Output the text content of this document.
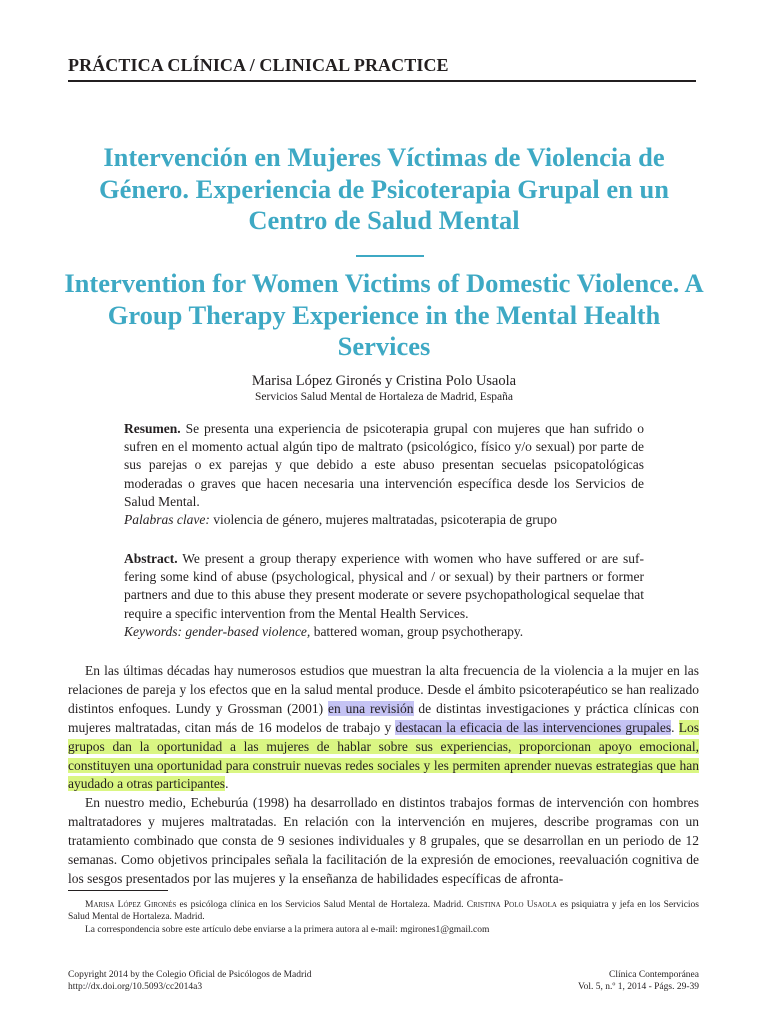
PRÁCTICA CLÍNICA / CLINICAL PRACTICE
Intervención en Mujeres Víctimas de Violencia de Género. Experiencia de Psicoterapia Grupal en un Centro de Salud Mental
Intervention for Women Victims of Domestic Violence. A Group Therapy Experience in the Mental Health Services
Marisa López Gironés y Cristina Polo Usaola
Servicios Salud Mental de Hortaleza de Madrid, España
Resumen. Se presenta una experiencia de psicoterapia grupal con mujeres que han sufrido o sufren en el momento actual algún tipo de maltrato (psicológico, físico y/o sexual) por parte de sus parejas o ex parejas y que debido a este abuso presentan secuelas psicopatológicas moderadas o graves que hacen necesaria una intervención específica desde los Servicios de Salud Mental.
Palabras clave: violencia de género, mujeres maltratadas, psicoterapia de grupo
Abstract. We present a group therapy experience with women who have suffered or are suffering some kind of abuse (psychological, physical and / or sexual) by their partners or former partners and due to this abuse they present moderate or severe psychopathological sequelae that require a specific intervention from the Mental Health Services.
Keywords: gender-based violence, battered woman, group psychotherapy.

En las últimas décadas hay numerosos estudios que muestran la alta frecuencia de la violencia a la mujer en las relaciones de pareja y los efectos que en la salud mental produce. Desde el ámbito psicoterapéutico se han realizado distintos enfoques. Lundy y Grossman (2001) en una revisión de distintas investigaciones y práctica clínicas con mujeres maltratadas, citan más de 16 modelos de trabajo y destacan la eficacia de las intervenciones grupales. Los grupos dan la oportunidad a las mujeres de hablar sobre sus experiencias, proporcionan apoyo emocional, constituyen una oportunidad para construir nuevas redes sociales y les permiten aprender nuevas estrategias que han ayudado a otras participantes.

En nuestro medio, Echeburúa (1998) ha desarrollado en distintos trabajos formas de intervención con hombres maltratadores y mujeres maltratadas. En relación con la intervención en mujeres, describe programas con un tratamiento combinado que consta de 9 sesiones individuales y 8 grupales, que se desarrollan en un periodo de 12 semanas. Como objetivos principales señala la facilitación de la expresión de emociones, reevaluación cognitiva de los sesgos presentados por las mujeres y la enseñanza de habilidades específicas de afronta-

Marisa López Gironés es psicóloga clínica en los Servicios Salud Mental de Hortaleza. Madrid. Cristina Polo Usaola es psiquiatra y jefa en los Servicios Salud Mental de Hortaleza. Madrid.

La correspondencia sobre este artículo debe enviarse a la primera autora al e-mail: mgirones1@gmail.com

Copyright 2014 by the Colegio Oficial de Psicólogos de Madrid
http://dx.doi.org/10.5093/cc2014a3
Clínica Contemporánea
Vol. 5, n.º 1, 2014 - Págs. 29-39
